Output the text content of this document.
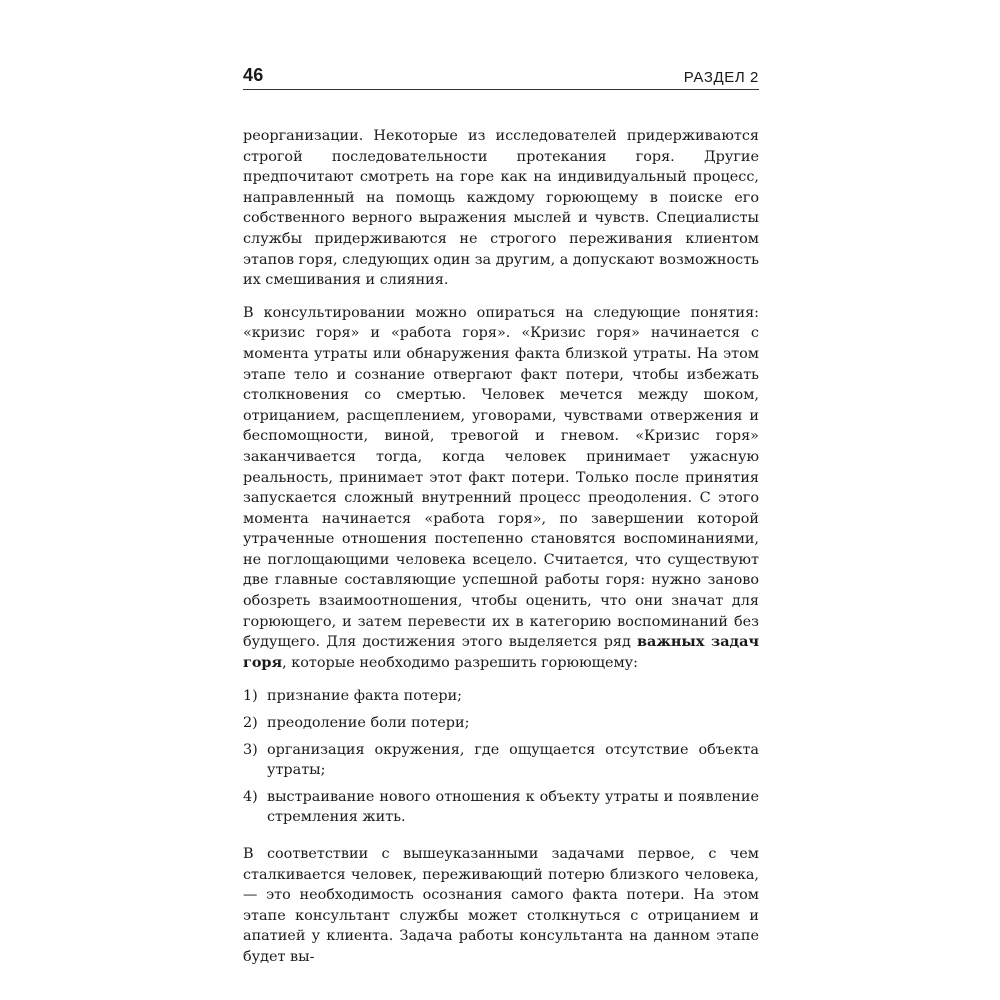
46	РАЗДЕЛ 2

реорганизации. Некоторые из исследователей придерживаются строгой последовательности протекания горя. Другие предпочитают смотреть на горе как на индивидуальный процесс, направленный на помощь каждому горюющему в поиске его собственного верного выражения мыслей и чувств. Специалисты службы придерживаются не строгого переживания клиентом этапов горя, следующих один за другим, а допускают возможность их смешивания и слияния.

В консультировании можно опираться на следующие понятия: «кризис горя» и «работа горя». «Кризис горя» начинается с момента утраты или обнаружения факта близкой утраты. На этом этапе тело и сознание отвергают факт потери, чтобы избежать столкновения со смертью. Человек мечется между шоком, отрицанием, расщеплением, уговорами, чувствами отвержения и беспомощности, виной, тревогой и гневом. «Кризис горя» заканчивается тогда, когда человек принимает ужасную реальность, принимает этот факт потери. Только после принятия запускается сложный внутренний процесс преодоления. С этого момента начинается «работа горя», по завершении которой утраченные отношения постепенно становятся воспоминаниями, не поглощающими человека всецело. Считается, что существуют две главные составляющие успешной работы горя: нужно заново обозреть взаимоотношения, чтобы оценить, что они значат для горюющего, и затем перевести их в категорию воспоминаний без будущего. Для достижения этого выделяется ряд важных задач горя, которые необходимо разрешить горюющему:

1) признание факта потери;
2) преодоление боли потери;
3) организация окружения, где ощущается отсутствие объекта утраты;
4) выстраивание нового отношения к объекту утраты и появление стремления жить.

В соответствии с вышеуказанными задачами первое, с чем сталкивается человек, переживающий потерю близкого человека, — это необходимость осознания самого факта потери. На этом этапе консультант службы может столкнуться с отрицанием и апатией у клиента. Задача работы консультанта на данном этапе будет вы-
